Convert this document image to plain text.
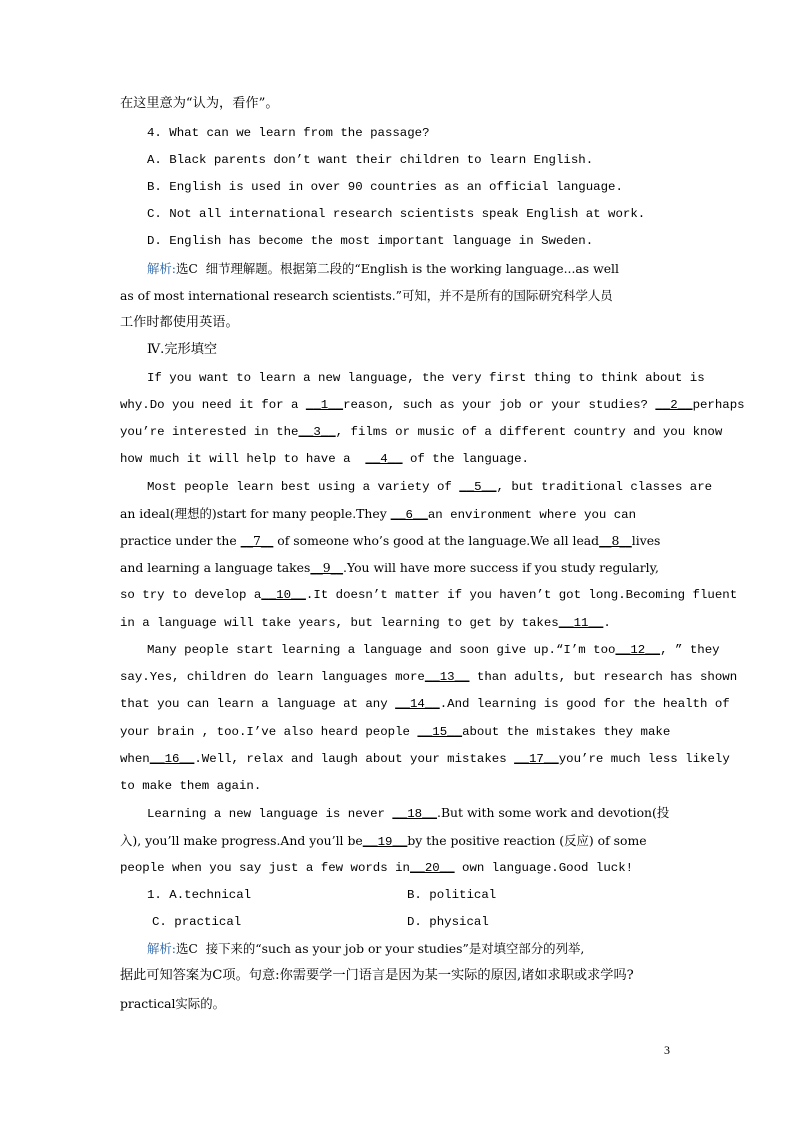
在这里意为“认为，看作”。
4. What can we learn from the passage?
A. Black parents don’t want their children to learn English.
B. English is used in over 90 countries as an official language.
C. Not all international research scientists speak English at work.
D. English has become the most important language in Sweden.
解析:选C  细节理解题。根据第二段的“English is the working language...as well
as of most international research scientists.”可知，并不是所有的国际研究科学人员
工作时都使用英语。
Ⅳ.完形填空
If you want to learn a new language, the very first thing to think about is
why.Do you need it for a __1__reason, such as your job or your studies? __2__perhaps
you’re interested in the__3__, films or music of a different country and you know
how much it will help to have a  __4__ of the language.
Most people learn best using a variety of __5__, but traditional classes are
an ideal(理想的)start for many people.They __6__an environment where you can
practice under the __7__ of someone who’s good at the language.We all lead__8__lives
and learning a language takes__9__.You will have more success if you study regularly,
so try to develop a__10__.It doesn’t matter if you haven’t got long.Becoming fluent
in a language will take years, but learning to get by takes__11__.
Many people start learning a language and soon give up.“I’m too__12__, ” they
say.Yes, children do learn languages more__13__ than adults, but research has shown
that you can learn a language at any __14__.And learning is good for the health of
your brain , too.I’ve also heard people __15__about the mistakes they make
when__16__.Well, relax and laugh about your mistakes __17__you’re much less likely
to make them again.
Learning a new language is never __18__.But with some work and devotion(投
入), you’ll make progress.And you’ll be__19__by the positive reaction (反应) of some
people when you say just a few words in__20__ own language.Good luck!
1. A.technical	B. political
C. practical	D. physical
解析:选C  接下来的“such as your job or your studies”是对填空部分的列举,
据此可知答案为C项。句意:你需要学一门语言是因为某一实际的原因,诸如求职或求学吗?
practical实际的。
3
